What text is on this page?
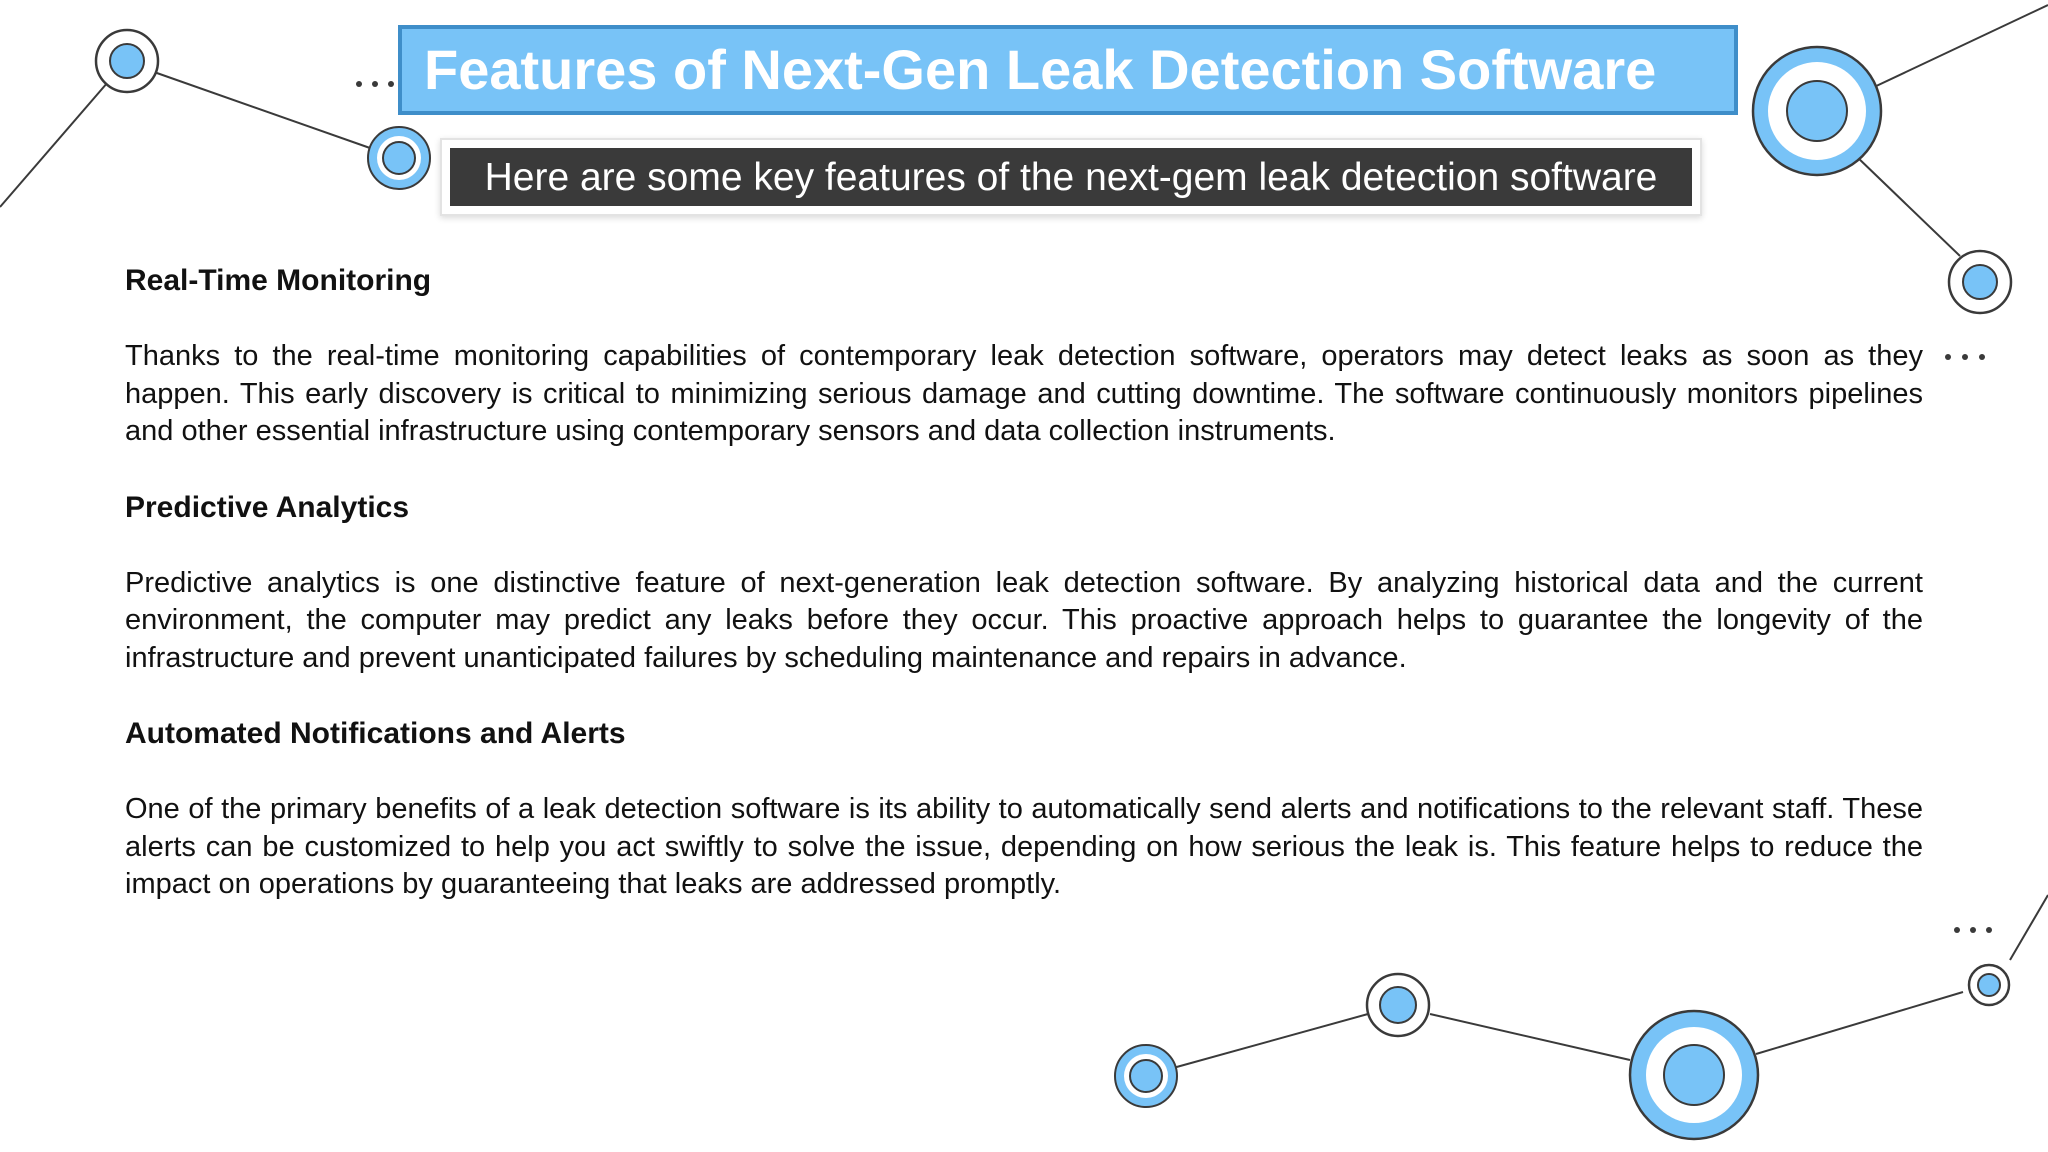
Features of Next-Gen Leak Detection Software
Here are some key features of the next-gem leak detection software
Real-Time Monitoring
Thanks to the real-time monitoring capabilities of contemporary leak detection software, operators may detect leaks as soon as they happen. This early discovery is critical to minimizing serious damage and cutting downtime. The software continuously monitors pipelines and other essential infrastructure using contemporary sensors and data collection instruments.
Predictive Analytics
Predictive analytics is one distinctive feature of next-generation leak detection software. By analyzing historical data and the current environment, the computer may predict any leaks before they occur. This proactive approach helps to guarantee the longevity of the infrastructure and prevent unanticipated failures by scheduling maintenance and repairs in advance.
Automated Notifications and Alerts
One of the primary benefits of a leak detection software is its ability to automatically send alerts and notifications to the relevant staff. These alerts can be customized to help you act swiftly to solve the issue, depending on how serious the leak is. This feature helps to reduce the impact on operations by guaranteeing that leaks are addressed promptly.
